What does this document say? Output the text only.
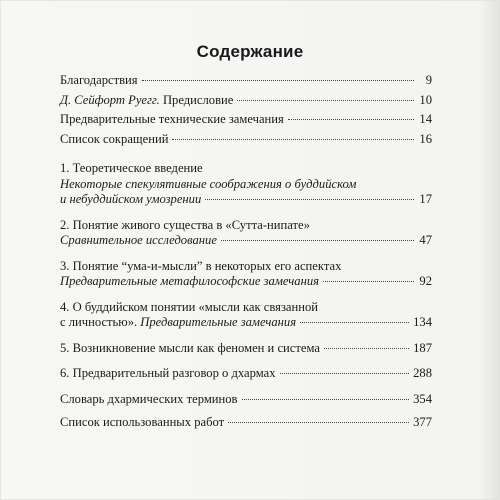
Содержание
Благодарствия	9
Д. Сейфорт Руегг. Предисловие	10
Предварительные технические замечания	14
Список сокращений	16
1. Теоретическое введение
Некоторые спекулятивные соображения о буддийском
и небуддийском умозрении	17
2. Понятие живого существа в «Сутта-нипате»
Сравнительное исследование	47
3. Понятие “ума-и-мысли” в некоторых его аспектах
Предварительные метафилософские замечания	92
4. О буддийском понятии «мысли как связанной
с личностью». Предварительные замечания	134
5. Возникновение мысли как феномен и система	187
6. Предварительный разговор о дхармах	288
Словарь дхармических терминов	354
Список использованных работ	377
